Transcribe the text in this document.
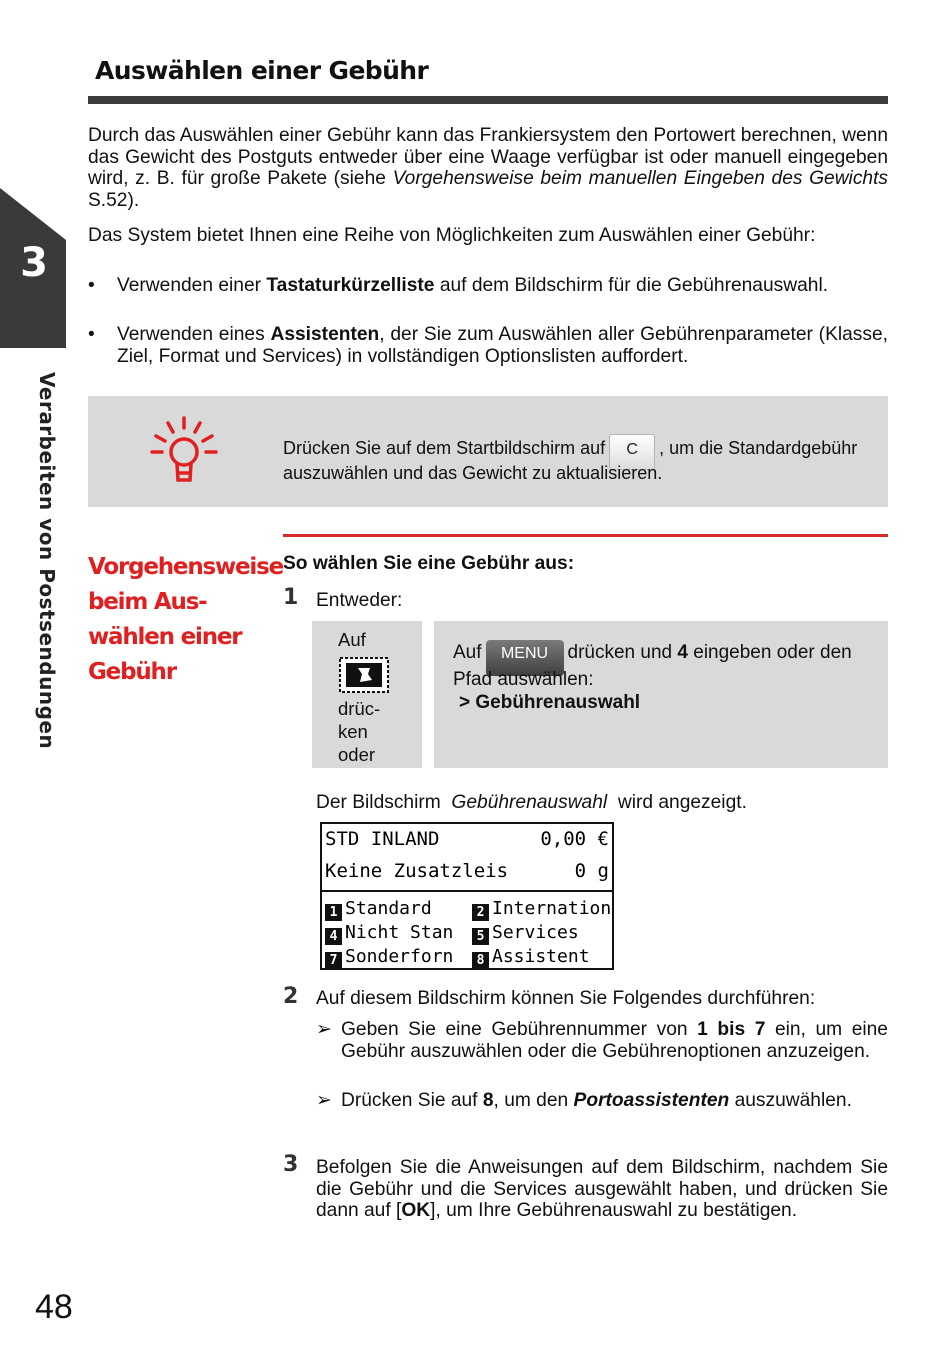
Auswählen einer Gebühr
3
Verarbeiten von Postsendungen
Durch das Auswählen einer Gebühr kann das Frankiersystem den Portowert berechnen, wenn das Gewicht des Postguts entweder über eine Waage verfügbar ist oder manuell eingegeben wird, z. B. für große Pakete (siehe Vorgehensweise beim manuellen Eingeben des Gewichts S.52).
Das System bietet Ihnen eine Reihe von Möglichkeiten zum Auswählen einer Gebühr:
• Verwenden einer Tastaturkürzelliste auf dem Bildschirm für die Gebührenauswahl.
• Verwenden eines Assistenten, der Sie zum Auswählen aller Gebührenparameter (Klasse, Ziel, Format und Services) in vollständigen Optionslisten auffordert.
Drücken Sie auf dem Startbildschirm auf C , um die Standardgebühr auszuwählen und das Gewicht zu aktualisieren.
Vorgehensweise
beim Aus-
wählen einer
Gebühr
So wählen Sie eine Gebühr aus:
1 Entweder:
Auf
drüc-
ken
oder
Auf MENU drücken und 4 eingeben oder den Pfad auswählen:
> Gebührenauswahl
Der Bildschirm Gebührenauswahl wird angezeigt.
STD INLAND	0,00 €
Keine Zusatzleis	0 g
1 Standard	2 Internation
4 Nicht Stan	5 Services
7 Sonderforn	8 Assistent
2 Auf diesem Bildschirm können Sie Folgendes durchführen:
➢ Geben Sie eine Gebührennummer von 1 bis 7 ein, um eine Gebühr auszuwählen oder die Gebührenoptionen anzuzeigen.
➢ Drücken Sie auf 8, um den Portoassistenten auszuwählen.
3 Befolgen Sie die Anweisungen auf dem Bildschirm, nachdem Sie die Gebühr und die Services ausgewählt haben, und drücken Sie dann auf [OK], um Ihre Gebührenauswahl zu bestätigen.
48
